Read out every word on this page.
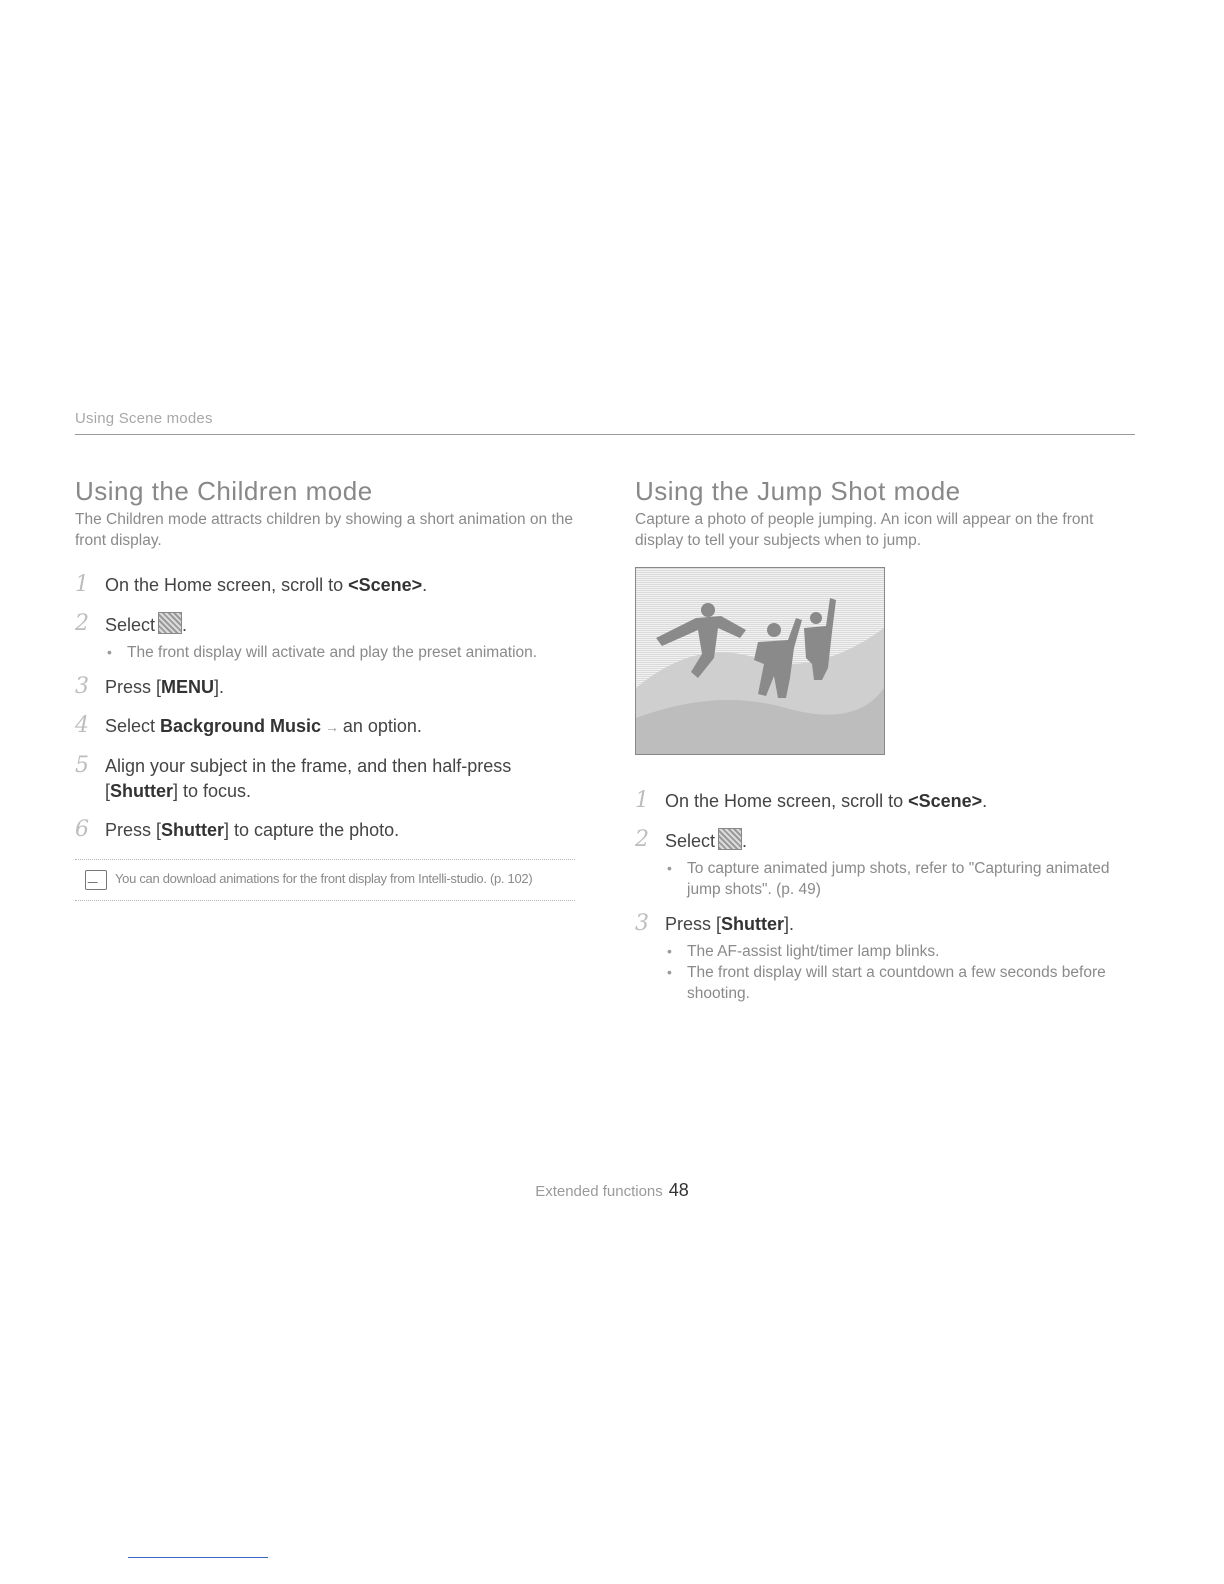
Using Scene modes
Using the Children mode

The Children mode attracts children by showing a short animation on the front display.

1 On the Home screen, scroll to <Scene>.
2 Select .
• The front display will activate and play the preset animation.
3 Press [MENU].
4 Select Background Music → an option.
5 Align your subject in the frame, and then half-press [Shutter] to focus.
6 Press [Shutter] to capture the photo.
You can download animations for the front display from Intelli-studio. (p. 102)
Using the Jump Shot mode

Capture a photo of people jumping. An icon will appear on the front display to tell your subjects when to jump.

1 On the Home screen, scroll to <Scene>.
2 Select .
• To capture animated jump shots, refer to "Capturing animated jump shots". (p. 49)
3 Press [Shutter].
• The AF-assist light/timer lamp blinks.
• The front display will start a countdown a few seconds before shooting.
Extended functions 48
